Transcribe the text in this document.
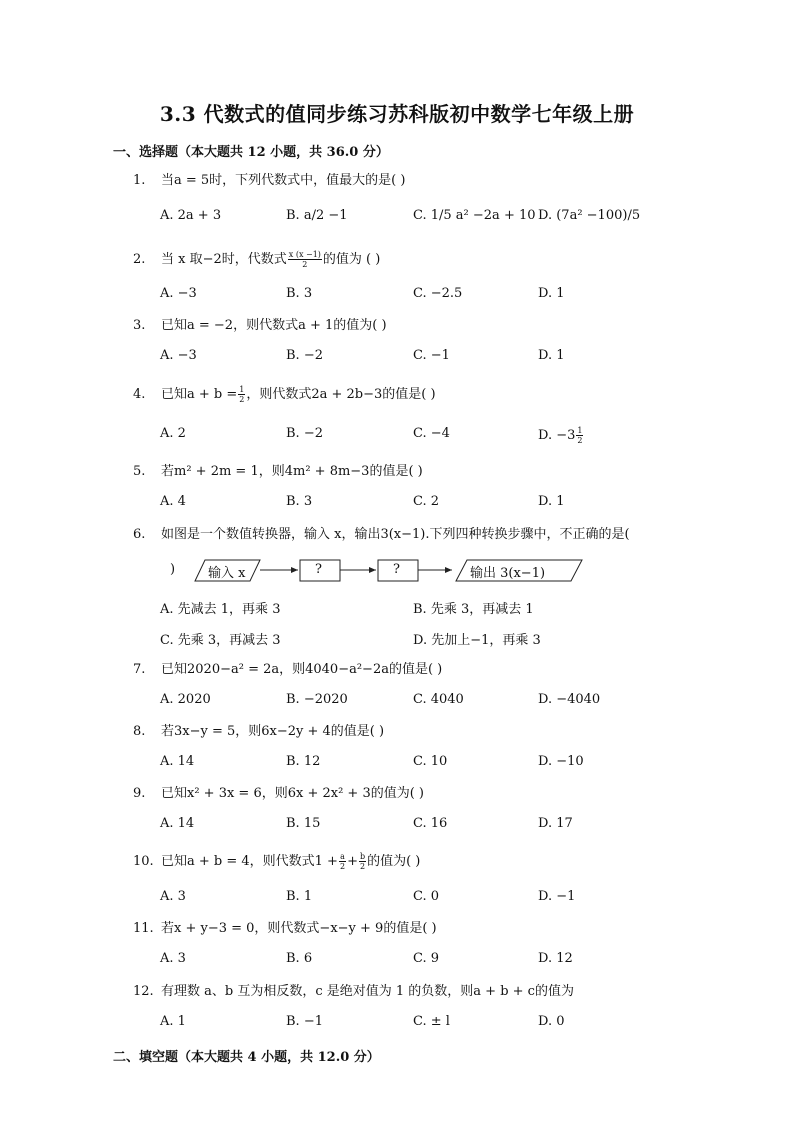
3.3 代数式的值同步练习苏科版初中数学七年级上册
一、选择题（本大题共 12 小题，共 36.0 分）
1. 当a = 5时，下列代数式中，值最大的是( )
A. 2a + 3	B. a/2 −1	C. 1/5 a² −2a + 10 D. (7a² −100)/5
2. 当 x 取−2时，代数式 $\frac{x (x -1)}{2}$ 的值为 ( )
A. −3	B. 3	C. −2.5	D. 1
3. 已知a = −2，则代数式a + 1的值为( )
A. −3	B. −2	C. −1	D. 1
4. 已知$a + b = \frac{1}{2}$ ，则代数式2a + 2b−3的值是( )
A. 2	B. −2	C. −4	D. $-3 \frac{1}{2}$
5. 若m² + 2m = 1，则4m² + 8m−3的值是( )
A. 4	B. 3	C. 2	D. 1
6. 如图是一个数值转换器，输入 x，输出3(x−1).下列四种转换步骤中，不正确的是(
)	输入 x	?	?	输出 3(x−1)
A. 先减去 1，再乘 3	B. 先乘 3，再减去 1
C. 先乘 3，再减去 3	D. 先加上−1，再乘 3
7. 已知2020−a² = 2a，则4040−a²−2a的值是( )
A. 2020	B. −2020	C. 4040	D. −4040
8. 若3x−y = 5，则6x−2y + 4的值是( )
A. 14	B. 12	C. 10	D. −10
9. 已知x² + 3x = 6，则6x + 2x² + 3的值为( )
A. 14	B. 15	C. 16	D. 17
10. 已知a + b = 4，则代数式$1 + \frac{a}{2} + \frac{b}{2}$ 的值为( )
A. 3	B. 1	C. 0	D. −1
11. 若x + y−3 = 0，则代数式−x−y + 9的值是( )
A. 3	B. 6	C. 9	D. 12
12. 有理数 a、b 互为相反数，c 是绝对值为 1 的负数，则a + b + c的值为
A. 1	B. −1	C. ± l	D. 0
二、填空题（本大题共 4 小题，共 12.0 分）
